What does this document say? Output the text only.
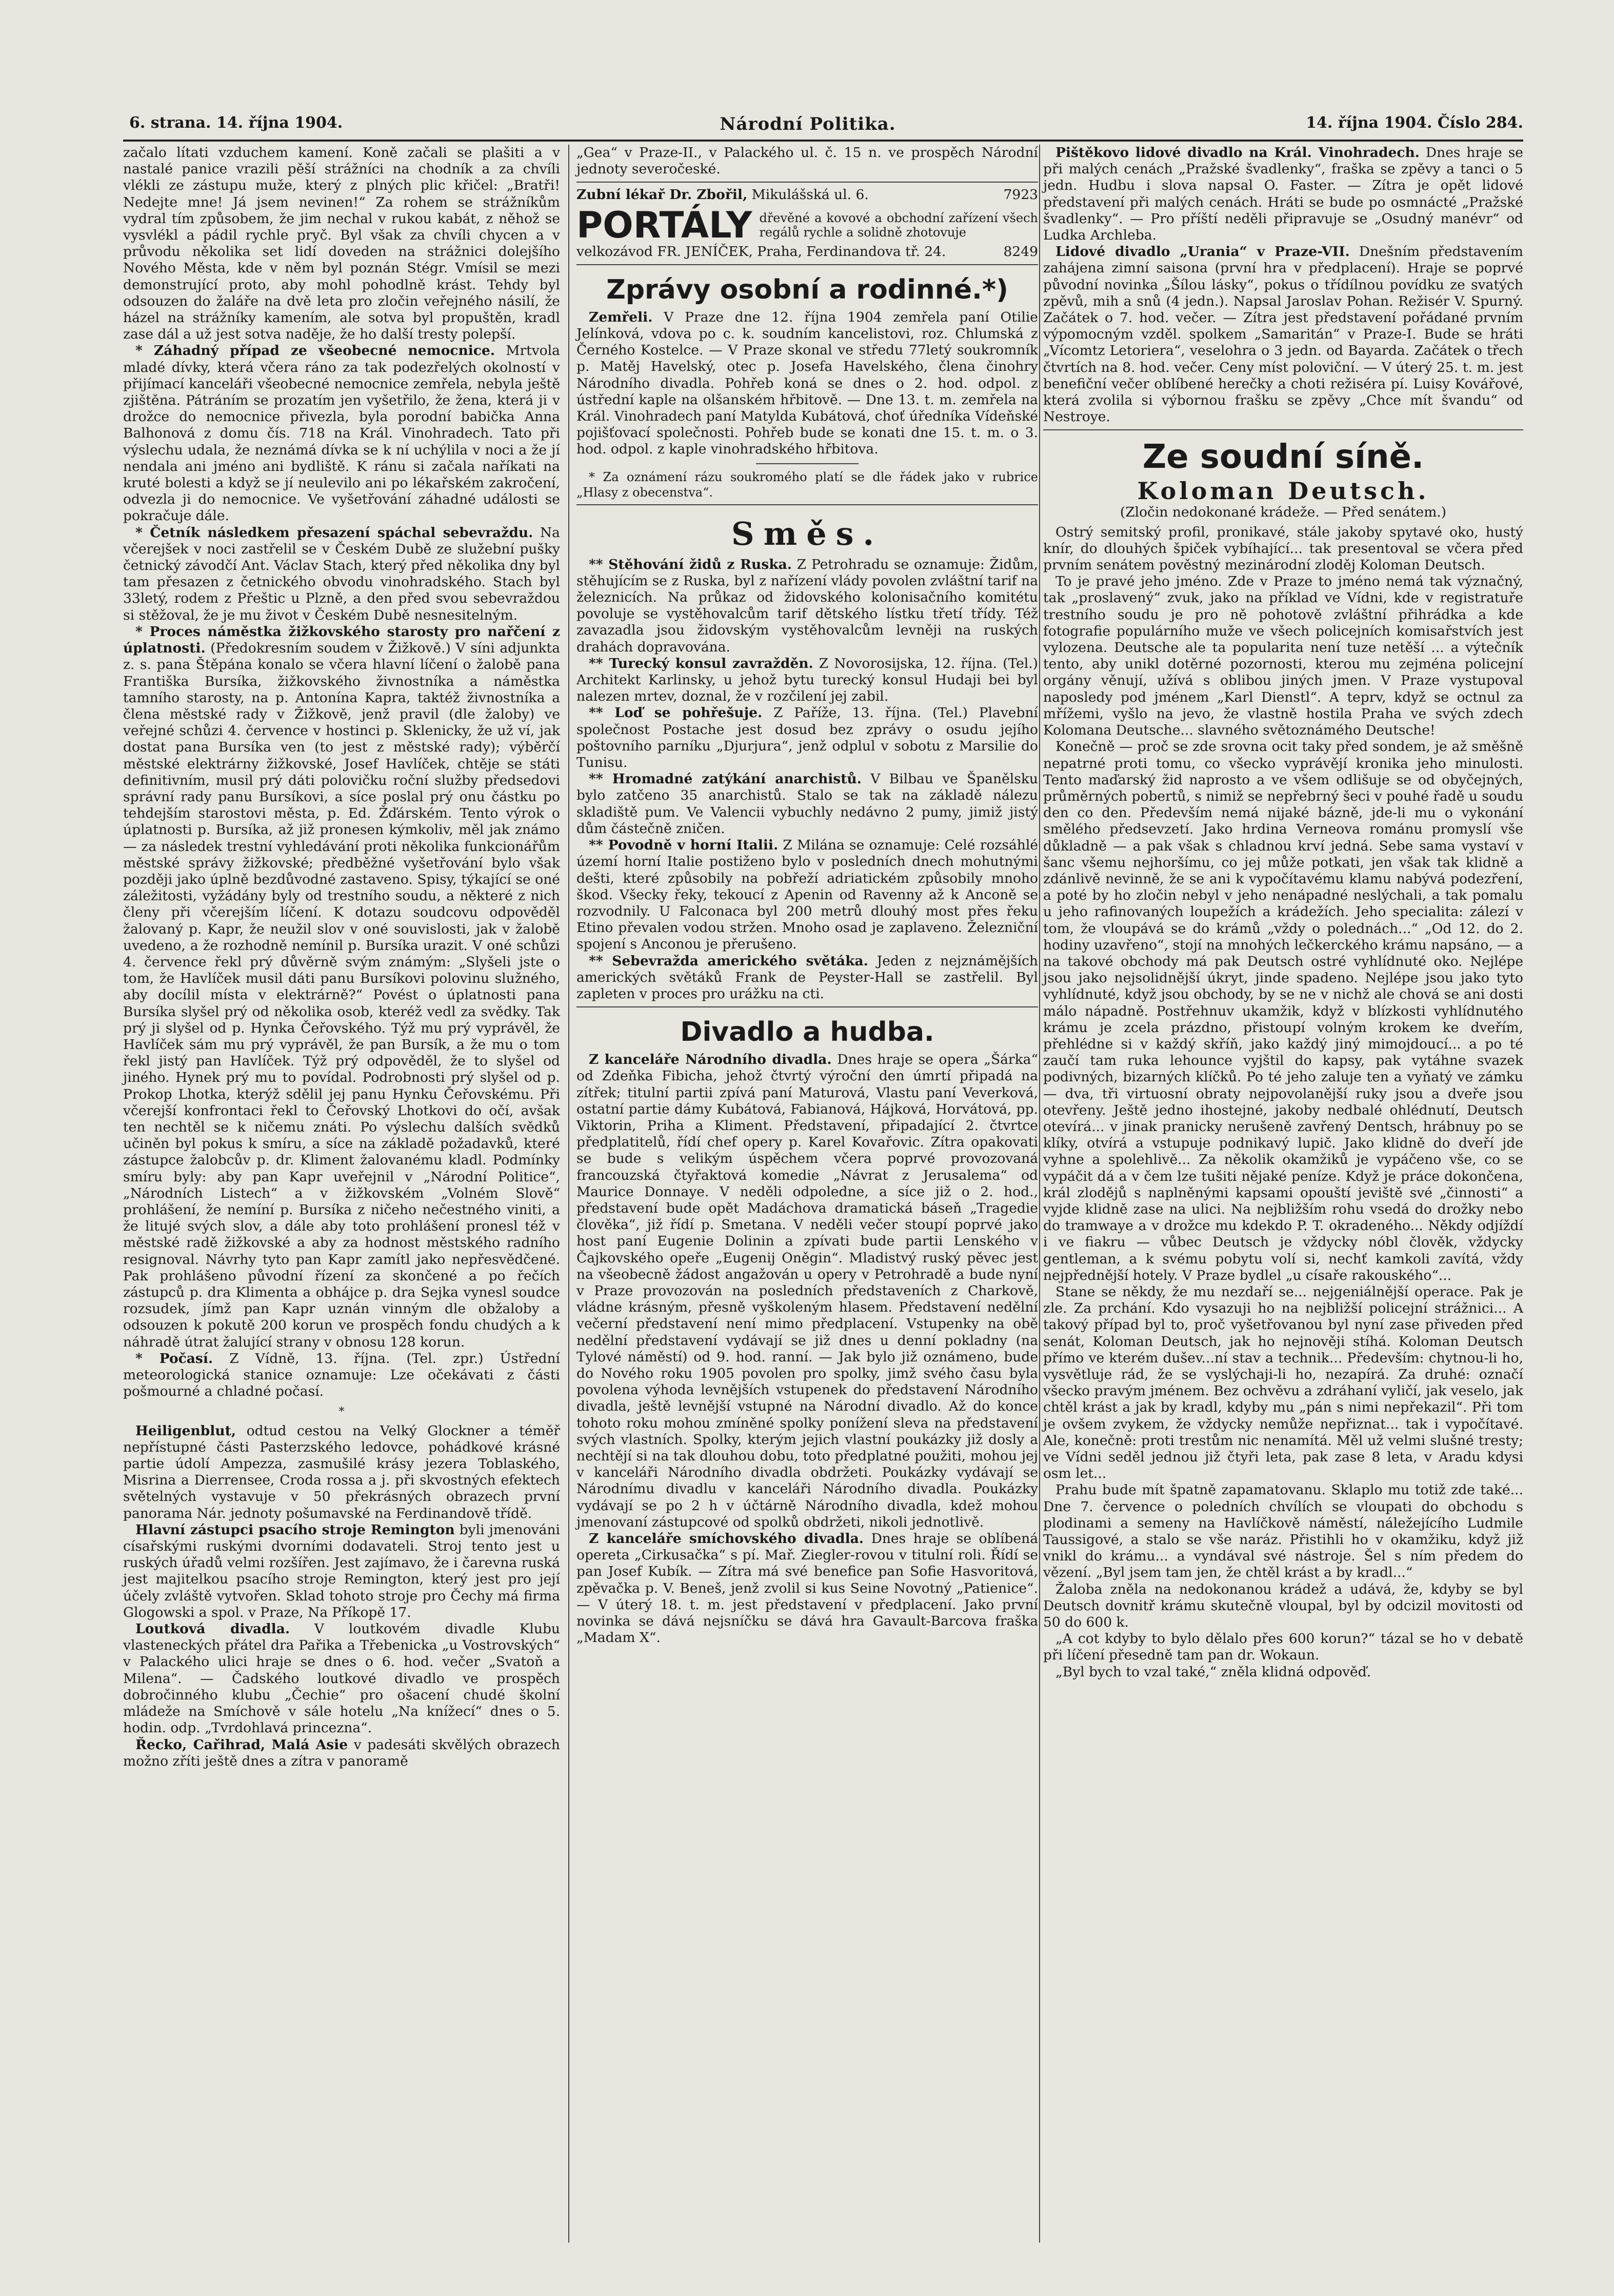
6. strana. 14. října 1904.	Národní Politika.	14. října 1904. Číslo 284.

začalo lítati vzduchem kamení. Koně začali se plašiti a v nastalé panice vrazili pěší strážníci na chodník a za chvíli vlékli ze zástupu muže, který z plných plic křičel: „Bratři! Nedejte mne! Já jsem nevinen!“ Za rohem se strážníkům vydral tím způsobem, že jim nechal v rukou kabát, z něhož se vysvlékl a pádil rychle pryč. Byl však za chvíli chycen a v průvodu několika set lidí doveden na strážnici dolejšího Nového Města, kde v něm byl poznán Stégr. Vmísil se mezi demonstrující proto, aby mohl pohodlně krást. Tehdy byl odsouzen do žaláře na dvě leta pro zločin veřejného násilí, že házel na strážníky kamením, ale sotva byl propuštěn, kradl zase dál a už jest sotva naděje, že ho další tresty polepší.

* Záhadný případ ze všeobecné nemocnice. Mrtvola mladé dívky, která včera ráno za tak podezřelých okolností v přijímací kanceláři všeobecné nemocnice zemřela, nebyla ještě zjištěna. Pátráním se prozatím jen vyšetřilo, že žena, která ji v drožce do nemocnice přivezla, byla porodní babička Anna Balhonová z domu čís. 718 na Král. Vinohradech. Tato při výslechu udala, že neznámá dívka se k ní uchýlila v noci a že jí nendala ani jméno ani bydliště. K ránu si začala naříkati na kruté bolesti a když se jí neulevilo ani po lékařském zakročení, odvezla ji do nemocnice. Ve vyšetřování záhadné události se pokračuje dále.

* Četník následkem přesazení spáchal sebevraždu. Na včerejšek v noci zastřelil se v Českém Dubě ze služební pušky četnický závodčí Ant. Václav Stach, který před několika dny byl tam přesazen z četnického obvodu vinohradského. Stach byl 33letý, rodem z Přeštic u Plzně, a den před svou sebevraždou si stěžoval, že je mu život v Českém Dubě nesnesitelným.

* Proces náměstka žižkovského starosty pro nařčení z úplatnosti. (Předokresním soudem v Žižkově.) V síni adjunkta z. s. pana Štěpána konalo se včera hlavní líčení o žalobě pana Františka Bursíka, žižkovského živnostníka a náměstka tamního starosty, na p. Antonína Kapra, taktéž živnostníka a člena městské rady v Žižkově, jenž pravil (dle žaloby) ve veřejné schůzi 4. července v hostinci p. Sklenicky, že už ví, jak dostat pana Bursíka ven (to jest z městské rady); výběrčí městské elektrárny žižkovské, Josef Havlíček, chtěje se státi definitivním, musil prý dáti polovičku roční služby předsedovi správní rady panu Bursíkovi, a síce poslal prý onu částku po tehdejším starostovi města, p. Ed. Žďárském. Tento výrok o úplatnosti p. Bursíka, až již pronesen kýmkoliv, měl jak známo — za následek trestní vyhledávání proti několika funkcionářům městské správy žižkovské; předběžné vyšetřování bylo však později jako úplně bezdůvodné zastaveno. Spisy, týkající se oné záležitosti, vyžádány byly od trestního soudu, a některé z nich členy při včerejším líčení. K dotazu soudcovu odpověděl žalovaný p. Kapr, že neužil slov v oné souvislosti, jak v žalobě uvedeno, a že rozhodně nemínil p. Bursíka urazit. V oné schůzi 4. července řekl prý důvěrně svým známým: „Slyšeli jste o tom, že Havlíček musil dáti panu Bursíkovi polovinu služného, aby docílil místa v elektrárně?“ Povést o úplatnosti pana Bursíka slyšel prý od několika osob, kteréž vedl za svědky. Tak prý ji slyšel od p. Hynka Čeřovského. Týž mu prý vyprávěl, že Havlíček sám mu prý vyprávěl, že pan Bursík, a že mu o tom řekl jistý pan Havlíček. Týž prý odpověděl, že to slyšel od jiného. Hynek prý mu to povídal. Podrobnosti prý slyšel od p. Prokop Lhotka, kterýž sdělil jej panu Hynku Čeřovskému. Při včerejší konfrontaci řekl to Čeřovský Lhotkovi do očí, avšak ten nechtěl se k ničemu znáti. Po výslechu dalších svědků učiněn byl pokus k smíru, a síce na základě požadavků, které zástupce žalobcův p. dr. Kliment žalovanému kladl. Podmínky smíru byly: aby pan Kapr uveřejnil v „Národní Politice“, „Národních Listech“ a v žižkovském „Volném Slově“ prohlášení, že nemíní p. Bursíka z ničeho nečestného viniti, a že litujé svých slov, a dále aby toto prohlášení pronesl též v městské radě žižkovské a aby za hodnost městského radního resignoval. Návrhy tyto pan Kapr zamítl jako nepřesvědčené. Pak prohlášeno původní řízení za skončené a po řečích zástupců p. dra Klimenta a obhájce p. dra Sejka vynesl soudce rozsudek, jímž pan Kapr uznán vinným dle obžaloby a odsouzen k pokutě 200 korun ve prospěch fondu chudých a k náhradě útrat žalující strany v obnosu 128 korun.

* Počasí. Z Vídně, 13. října. (Tel. zpr.) Ústřední meteorologická stanice oznamuje: Lze očekávati z části pošmourné a chladné počasí.

*

Heiligenblut, odtud cestou na Velký Glockner a téměř nepřístupné části Pasterzského ledovce, pohádkové krásné partie údolí Ampezza, zasmušilé krásy jezera Toblaského, Misrina a Dierrensee, Croda rossa a j. při skvostných efektech světelných vystavuje v 50 překrásných obrazech první panorama Nár. jednoty pošumavské na Ferdinandově třídě.

Hlavní zástupci psacího stroje Remington byli jmenováni císařskými ruskými dvorními dodavateli. Stroj tento jest u ruských úřadů velmi rozšířen. Jest zajímavo, že i čarevna ruská jest majitelkou psacího stroje Remington, který jest pro její účely zvláště vytvořen. Sklad tohoto stroje pro Čechy má firma Glogowski a spol. v Praze, Na Příkopě 17.

Loutková divadla. V loutkovém divadle Klubu vlasteneckých přátel dra Pařika a Třebenicka „u Vostrovských“ v Palackého ulici hraje se dnes o 6. hod. večer „Svatoň a Milena“. — Čadského loutkové divadlo ve prospěch dobročinného klubu „Čechie“ pro ošacení chudé školní mládeže na Smíchově v sále hotelu „Na knížecí“ dnes o 5. hodin. odp. „Tvrdohlavá princezna“.

Řecko, Cařihrad, Malá Asie v padesáti skvělých obrazech možno zříti ještě dnes a zítra v panoramě

„Gea“ v Praze-II., v Palackého ul. č. 15 n. ve prospěch Národní jednoty severočeské.

Zubní lékař Dr. Zbořil, Mikulášská ul. 6.	7923
PORTÁLY dřevěné a kovové a obchodní zařízení všech regálů rychle a solidně zhotovuje
velkozávod FR. JENÍČEK, Praha, Ferdinandova tř. 24.	8249
Zprávy osobní a rodinné.*)

Zemřeli. V Praze dne 12. října 1904 zemřela paní Otilie Jelínková, vdova po c. k. soudním kancelistovi, roz. Chlumská z Černého Kostelce. — V Praze skonal ve středu 77letý soukromník p. Matěj Havelský, otec p. Josefa Havelského, člena činohry Národního divadla. Pohřeb koná se dnes o 2. hod. odpol. z ústřední kaple na olšanském hřbitově. — Dne 13. t. m. zemřela na Král. Vinohradech paní Matylda Kubátová, choť úředníka Vídeňské pojišťovací společnosti. Pohřeb bude se konati dne 15. t. m. o 3. hod. odpol. z kaple vinohradského hřbitova.

* Za oznámení rázu soukromého platí se dle řádek jako v rubrice „Hlasy z obecenstva“.

Směs.

** Stěhování židů z Ruska. Z Petrohradu se oznamuje: Židům, stěhujícím se z Ruska, byl z nařízení vlády povolen zvláštní tarif na železnicích. Na průkaz od židovského kolonisačního komitétu povoluje se vystěhovalcům tarif dětského lístku třetí třídy. Též zavazadla jsou židovským vystěhovalcům levněji na ruských drahách dopravována.

** Turecký konsul zavražděn. Z Novorosijska, 12. října. (Tel.) Architekt Karlinsky, u jehož bytu turecký konsul Hudaji bei byl nalezen mrtev, doznal, že v rozčilení jej zabil.

** Loď se pohřešuje. Z Paříže, 13. října. (Tel.) Plavební společnost Postache jest dosud bez zprávy o osudu jejího poštovního parníku „Djurjura“, jenž odplul v sobotu z Marsilie do Tunisu.

** Hromadné zatýkání anarchistů. V Bilbau ve Španělsku bylo zatčeno 35 anarchistů. Stalo se tak na základě nálezu skladiště pum. Ve Valencii vybuchly nedávno 2 pumy, jimiž jistý dům částečně zničen.

** Povodně v horní Italii. Z Milána se oznamuje: Celé rozsáhlé území horní Italie postiženo bylo v posledních dnech mohutnými dešti, které způsobily na pobřeží adriatickém způsobily mnoho škod. Všecky řeky, tekoucí z Apenin od Ravenny až k Anconě se rozvodnily. U Falconaca byl 200 metrů dlouhý most přes řeku Etino převalen vodou stržen. Mnoho osad je zaplaveno. Železniční spojení s Anconou je přerušeno.

** Sebevražda amerického světáka. Jeden z nejznámějších amerických světáků Frank de Peyster-Hall se zastřelil. Byl zapleten v proces pro urážku na cti.

Divadlo a hudba.

Z kanceláře Národního divadla. Dnes hraje se opera „Šárka“ od Zdeňka Fibicha, jehož čtvrtý výroční den úmrtí připadá na zítřek; titulní partii zpívá paní Maturová, Vlastu paní Veverková, ostatní partie dámy Kubátová, Fabianová, Hájková, Horvátová, pp. Viktorin, Priha a Kliment. Představení, připadající 2. čtvrtce předplatitelů, řídí chef opery p. Karel Kovařovic. Zítra opakovati se bude s velikým úspěchem včera poprvé provozovaná francouzská čtyřaktová komedie „Návrat z Jerusalema“ od Maurice Donnaye. V neděli odpoledne, a síce již o 2. hod., představení bude opět Madáchova dramatická báseň „Tragedie člověka“, již řídí p. Smetana. V neděli večer stoupí poprvé jako host paní Eugenie Dolinin a zpívati bude partii Lenského v Čajkovského opeře „Eugenij Oněgin“. Mladistvý ruský pěvec jest na všeobecně žádost angažován u opery v Petrohradě a bude nyní v Praze provozován na posledních představeních z Charkově, vládne krásným, přesně vyškoleným hlasem. Představení nedělní večerní představení není mimo předplacení. Vstupenky na obě nedělní představení vydávají se již dnes u denní pokladny (na Tylové náměstí) od 9. hod. ranní. — Jak bylo již oznámeno, bude do Nového roku 1905 povolen pro spolky, jimž svého času byla povolena výhoda levnějších vstupenek do představení Národního divadla, ještě levnější vstupné na Národní divadlo. Až do konce tohoto roku mohou zmíněné spolky ponížení sleva na představení svých vlastních. Spolky, kterým jejich vlastní poukázky již dosly a nechtějí si na tak dlouhou dobu, toto předplatné použiti, mohou jej v kanceláři Národního divadla obdržeti. Poukázky vydávají se Národnímu divadlu v kanceláři Národního divadla. Poukázky vydávají se po 2 h v účtárně Národního divadla, kdež mohou jmenovaní zástupcové od spolků obdržeti, nikoli jednotlivě.

Z kanceláře smíchovského divadla. Dnes hraje se oblíbená opereta „Cirkusačka“ s pí. Mař. Ziegler-rovou v titulní roli. Řídí se pan Josef Kubík. — Zítra má své benefice pan Sofie Hasvoritová, zpěvačka p. V. Beneš, jenž zvolil si kus Seine Novotný „Patienice“. — V úterý 18. t. m. jest představení v předplacení. Jako první novinka se dává nejsníčku se dává hra Gavault-Barcova fraška „Madam X“.

Pištěkovo lidové divadlo na Král. Vinohradech. Dnes hraje se při malých cenách „Pražské švadlenky“, fraška se zpěvy a tanci o 5 jedn. Hudbu i slova napsal O. Faster. — Zítra je opět lidové představení při malých cenách. Hráti se bude po osmnácté „Pražské švadlenky“. — Pro příští neděli připravuje se „Osudný manévr“ od Ludka Archleba.

Lidové divadlo „Urania“ v Praze-VII. Dnešním představením zahájena zimní saisona (první hra v předplacení). Hraje se poprvé původní novinka „Šílou lásky“, pokus o třídílnou povídku ze svatých zpěvů, mih a snů (4 jedn.). Napsal Jaroslav Pohan. Režisér V. Spurný. Začátek o 7. hod. večer. — Zítra jest představení pořádané prvním výpomocným vzděl. spolkem „Samaritán“ v Praze-I. Bude se hráti „Vícomtz Letoriera“, veselohra o 3 jedn. od Bayarda. Začátek o třech čtvrtích na 8. hod. večer. Ceny míst poloviční. — V úterý 25. t. m. jest benefiční večer oblíbené herečky a choti režiséra pí. Luisy Kovářové, která zvolila si výbornou frašku se zpěvy „Chce mít švandu“ od Nestroye.

Ze soudní síně.
Koloman Deutsch.

(Zločin nedokonané krádeže. — Před senátem.)

Ostrý semitský profil, pronikavé, stále jakoby spytavé oko, hustý knír, do dlouhých špiček vybíhající... tak presentoval se včera před prvním senátem pověstný mezinárodní zloděj Koloman Deutsch.

To je pravé jeho jméno. Zde v Praze to jméno nemá tak význačný, tak „proslavený“ zvuk, jako na příklad ve Vídni, kde v registratuře trestního soudu je pro ně pohotově zvláštní přihrádka a kde fotografie populárního muže ve všech policejních komisařstvích jest vylozena. Deutsche ale ta popularita není tuze netěší ... a výtečník tento, aby unikl dotěrné pozornosti, kterou mu zejména policejní orgány věnují, užívá s oblibou jiných jmen. V Praze vystupoval naposledy pod jménem „Karl Dienstl“. A teprv, když se octnul za mřížemi, vyšlo na jevo, že vlastně hostila Praha ve svých zdech Kolomana Deutsche... slavného světoznámého Deutsche!

Konečně — proč se zde srovna ocit taky před sondem, je až směšně nepatrné proti tomu, co všecko vyprávějí kronika jeho minulosti. Tento maďarský žid naprosto a ve všem odlišuje se od obyčejných, průměrných pobertů, s nimiž se nepřebrný šeci v pouhé řadě u soudu den co den. Především nemá nijaké bázně, jde-li mu o vykonání smělého předsevzetí. Jako hrdina Verneova románu promyslí vše důkladně — a pak však s chladnou krví jedná. Sebe sama vystaví v šanc všemu nejhoršímu, co jej může potkati, jen však tak klidně a zdánlivě nevinně, že se ani k vypočítavému klamu nabývá podezření, a poté by ho zločin nebyl v jeho nenápadné neslýchali, a tak pomalu u jeho rafinovaných loupežích a krádežích. Jeho specialita: zálezí v tom, že vloupává se do krámů „vždy o polednách...“ „Od 12. do 2. hodiny uzavřeno“, stojí na mnohých lečkerckého krámu napsáno, — a na takové obchody má pak Deutsch ostré vyhlídnuté oko. Nejlépe jsou jako nejsolidnější úkryt, jinde spadeno. Nejlépe jsou jako tyto vyhlídnuté, když jsou obchody, by se ne v nichž ale chová se ani dosti málo nápadně. Postřehnuv ukamžik, když v blízkosti vyhlídnutého krámu je zcela prázdno, přistoupí volným krokem ke dveřím, přehlédne si v každý skříň, jako každý jiný mimojdoucí... a po té zaučí tam ruka lehounce vyjštil do kapsy, pak vytáhne svazek podivných, bizarných klíčků. Po té jeho zaluje ten a vyňatý ve zámku — dva, tři virtuosní obraty nejpovolanější ruky jsou a dveře jsou otevřeny. Ještě jedno ihostejné, jakoby nedbalé ohlédnutí, Deutsch otevírá... v jinak pranicky nerušeně zavřený Dentsch, hrábnuy po se klíky, otvírá a vstupuje podnikavý lupič. Jako klidně do dveří jde vyhne a spolehlivě... Za několik okamžiků je vypáčeno vše, co se vypáčit dá a v čem lze tušiti nějaké peníze. Když je práce dokončena, král zlodějů s naplněnými kapsami opouští jeviště své „činnosti“ a vyjde klidně zase na ulici. Na nejbližším rohu vsedá do drožky nebo do tramwaye a v drožce mu kdekdo P. T. okradeného... Někdy odjíždí i ve fiakru — vůbec Deutsch je vždycky nóbl člověk, vždycky gentleman, a k svému pobytu volí si, nechť kamkoli zavítá, vždy nejpřednější hotely. V Praze bydlel „u císaře rakouského“...

Stane se někdy, že mu nezdaří se... nejgeniálnější operace. Pak je zle. Za prchání. Kdo vysazuji ho na nejbližší policejní strážnici... A takový případ byl to, proč vyšetřovanou byl nyní zase přiveden před senát, Koloman Deutsch, jak ho nejnověji stíhá. Koloman Deutsch přímo ve kterém dušev...ní stav a technik... Především: chytnou-li ho, vysvětluje rád, že se vyslýchaji-li ho, nezapírá. Za druhé: označí všecko pravým jménem. Bez ochvěvu a zdráhaní vyličí, jak veselo, jak chtěl krást a jak by kradl, kdyby mu „pán s nimi nepřekazil“. Při tom je ovšem zvykem, že vždycky nemůže nepřiznat... tak i vypočítavé. Ale, konečně: proti trestům nic nenamítá. Měl už velmi slušné tresty; ve Vídni seděl jednou již čtyři leta, pak zase 8 leta, v Aradu kdysi osm let...

Prahu bude mít špatně zapamatovanu. Sklaplo mu totiž zde také... Dne 7. července o poledních chvílích se vloupati do obchodu s plodinami a semeny na Havlíčkově náměstí, náležejícího Ludmile Taussigové, a stalo se vše naráz. Přistihli ho v okamžiku, když již vnikl do krámu... a vyndával své nástroje. Šel s ním předem do vězení. „Byl jsem tam jen, že chtěl krást a by kradl...“

Žaloba zněla na nedokonanou krádež a udává, že, kdyby se byl Deutsch dovnitř krámu skutečně vloupal, byl by odcizil movitosti od 50 do 600 k.

„A cot kdyby to bylo dělalo přes 600 korun?“ tázal se ho v debatě při líčení přesedně tam pan dr. Wokaun.

„Byl bych to vzal také,“ zněla klidná odpověď.
